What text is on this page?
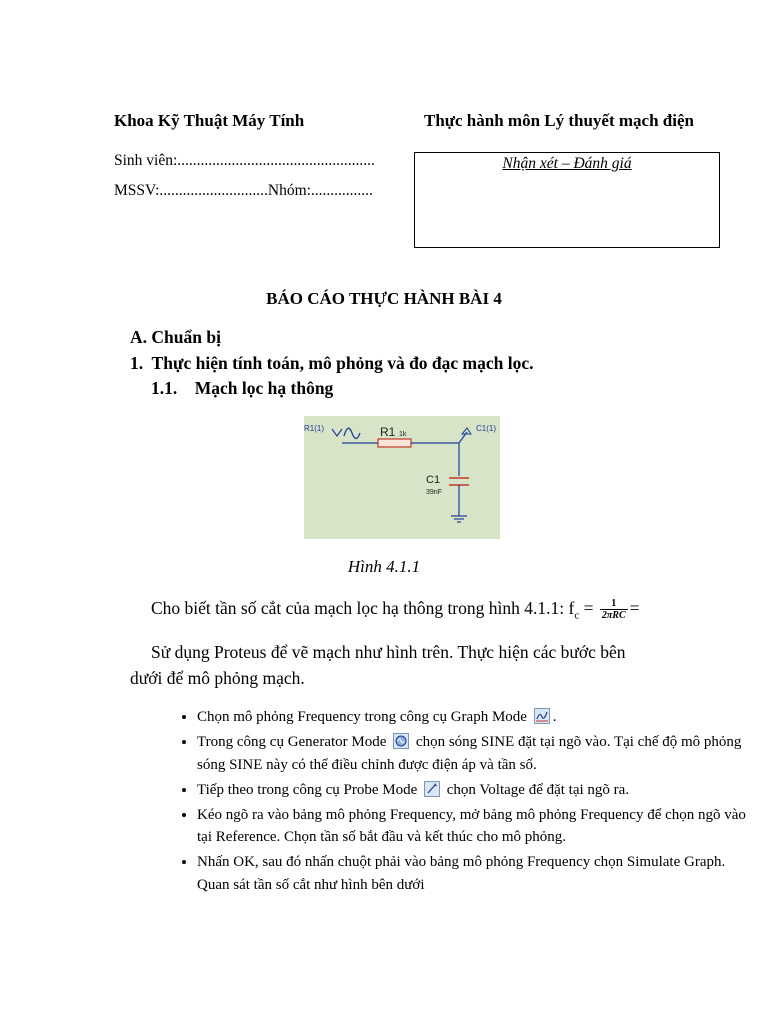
Khoa Kỹ Thuật Máy Tính	Thực hành môn Lý thuyết mạch điện
Sinh viên:...................................................
MSSV:............................Nhóm:................
Nhận xét – Đánh giá
BÁO CÁO THỰC HÀNH BÀI 4
A. Chuẩn bị
1.  Thực hiện tính toán, mô phỏng và đo đạc mạch lọc.
1.1.    Mạch lọc hạ thông
R1(1)	R1 1k
C1(1)
C1
39nF
Hình 4.1.1
Cho biết tần số cắt của mạch lọc hạ thông trong hình 4.1.1: $f_c = \frac{1}{\text{2πRC}}$ =
Sử dụng Proteus để vẽ mạch như hình trên. Thực hiện các bước bên
dưới để mô phỏng mạch.
• Chọn mô phỏng Frequency trong công cụ Graph Mode .
• Trong công cụ Generator Mode chọn sóng SINE đặt tại ngõ vào. Tại chế độ mô phỏng sóng SINE này có thể điều chỉnh được điện áp và tần số.
• Tiếp theo trong công cụ Probe Mode chọn Voltage để đặt tại ngõ ra.
• Kéo ngõ ra vào bảng mô phỏng Frequency, mở bảng mô phỏng Frequency để chọn ngõ vào tại Reference. Chọn tần số bắt đầu và kết thúc cho mô phỏng.
• Nhấn OK, sau đó nhấn chuột phải vào bảng mô phỏng Frequency chọn Simulate Graph. Quan sát tần số cắt như hình bên dưới
